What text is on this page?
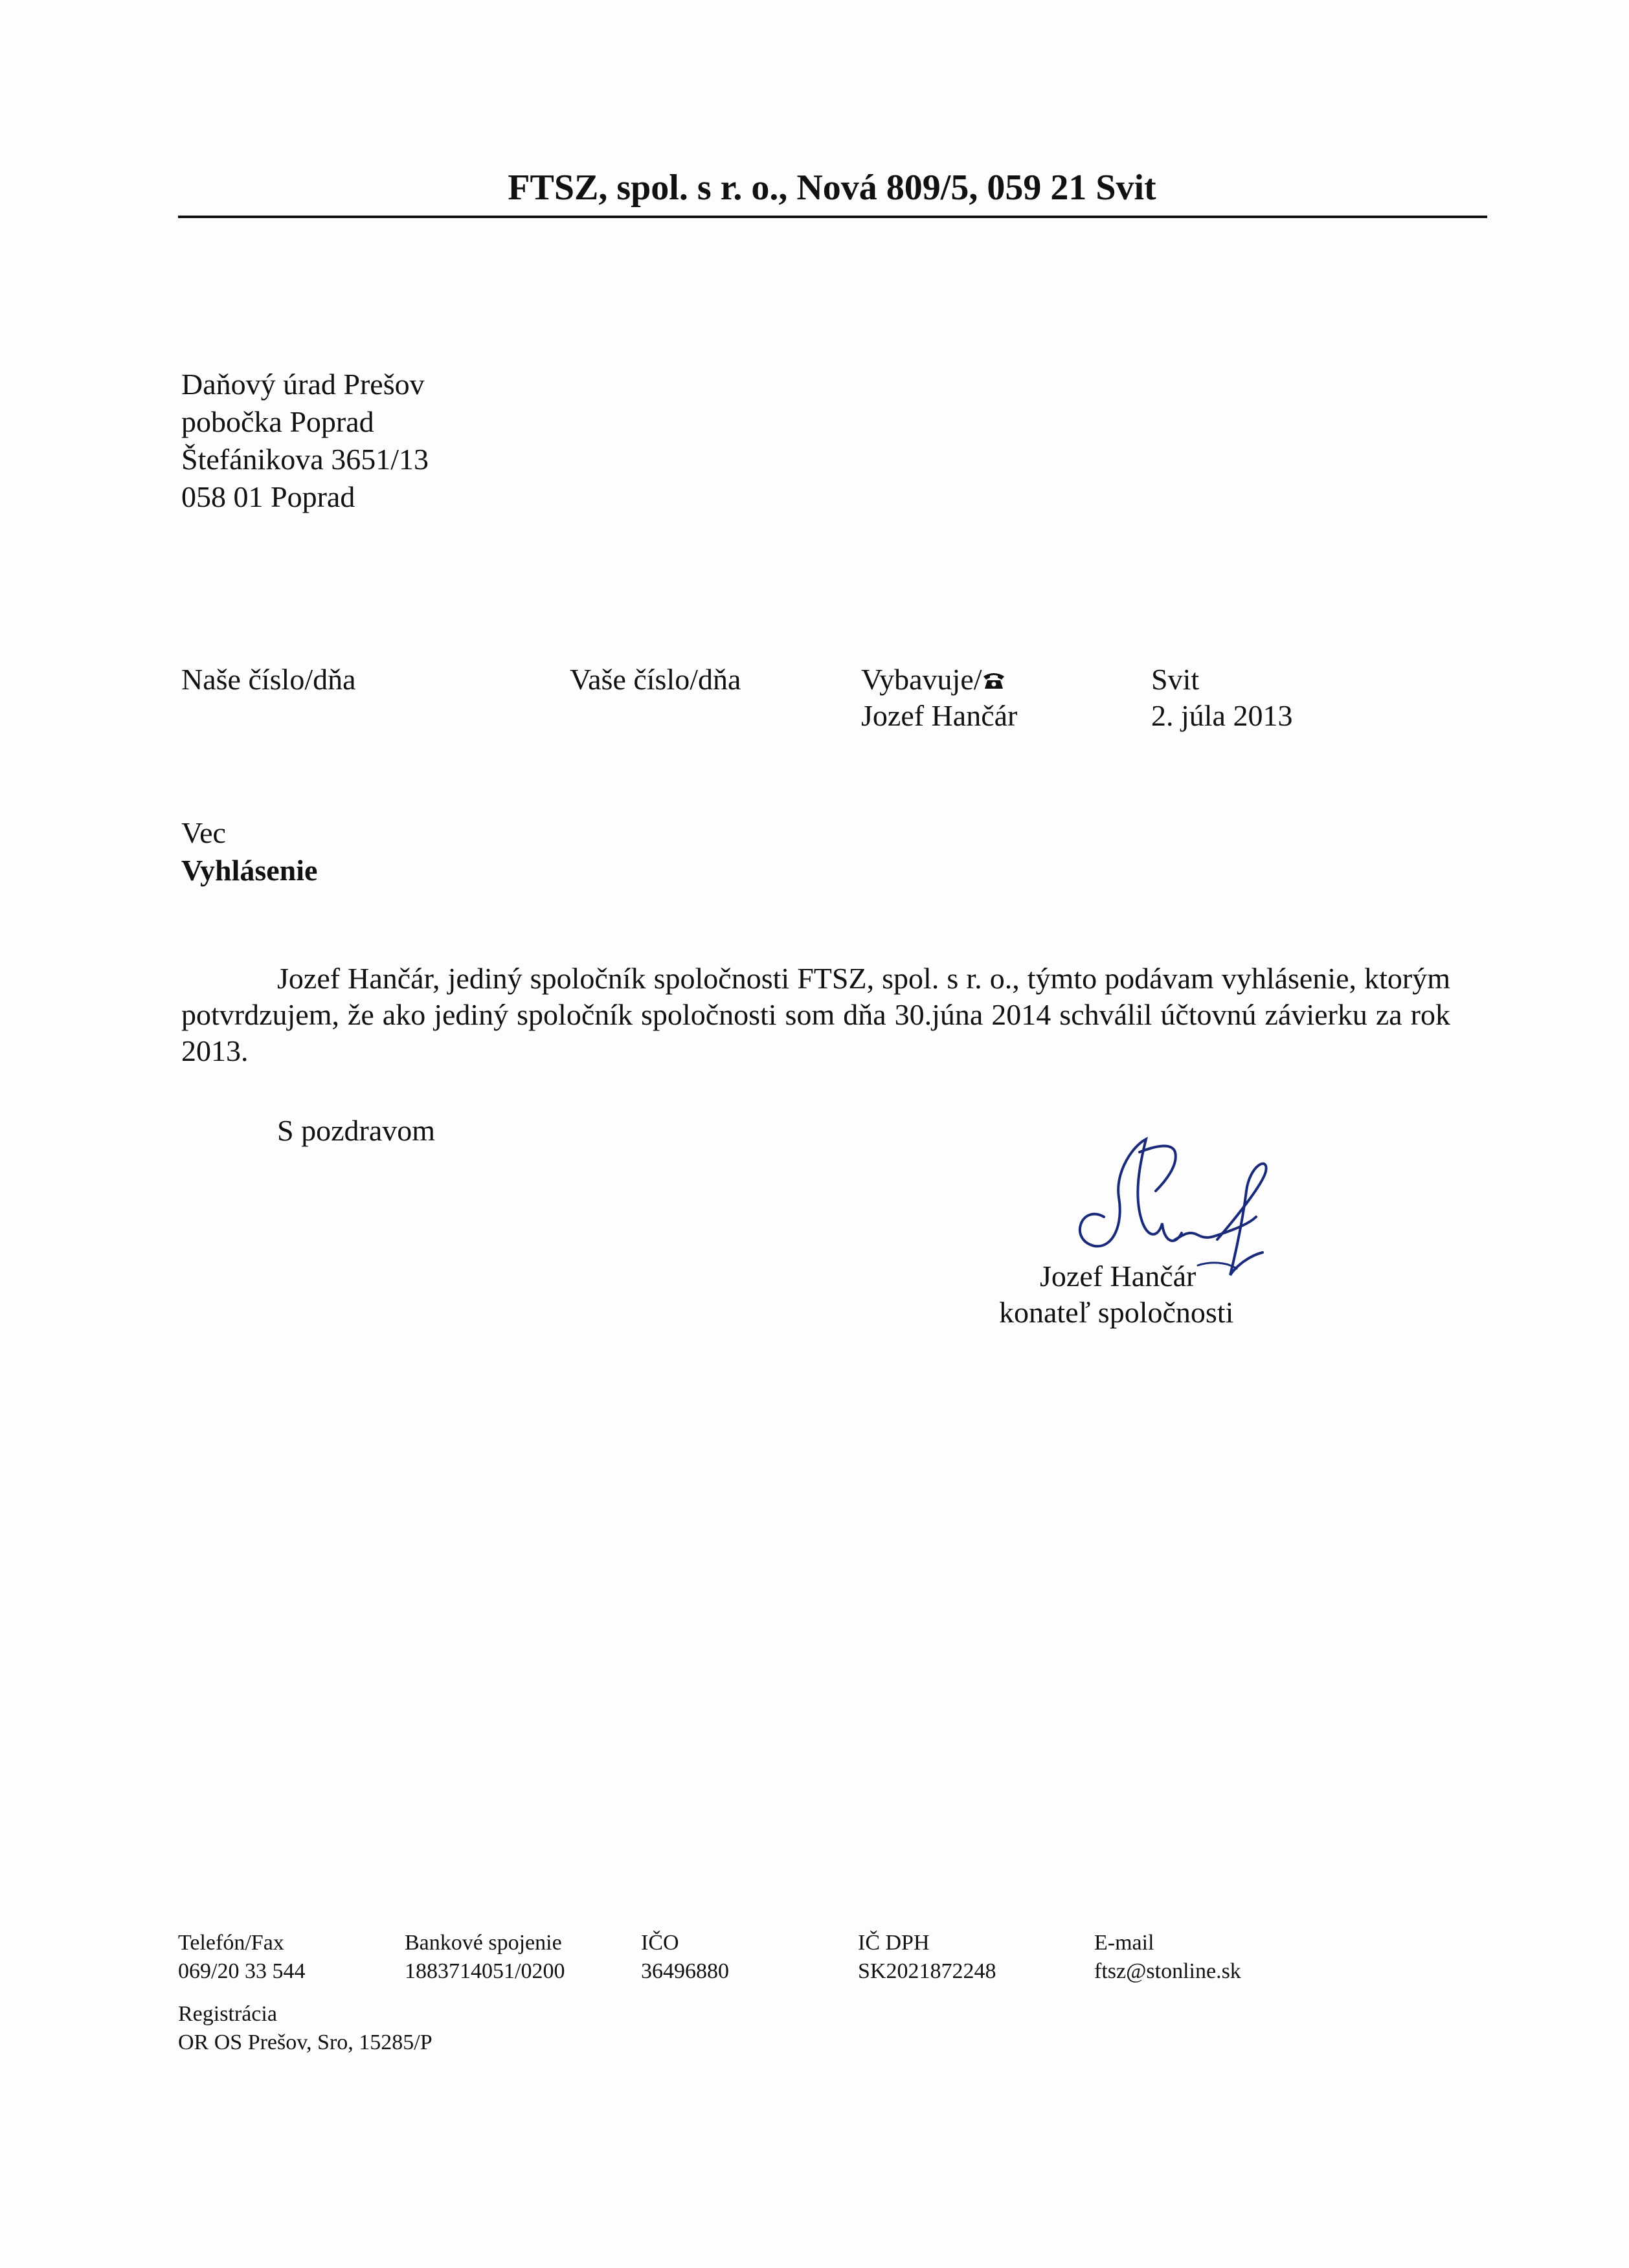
FTSZ, spol. s r. o., Nová 809/5, 059 21 Svit
Daňový úrad Prešov
pobočka Poprad
Štefánikova 3651/13
058 01 Poprad
Naše číslo/dňa	Vaše číslo/dňa	Vybavuje/
Jozef Hančár
Svit
2. júla 2013
Vec
Vyhlásenie

Jozef Hančár, jediný spoločník spoločnosti FTSZ, spol. s r. o., týmto podávam vyhlásenie, ktorým potvrdzujem, že ako jediný spoločník spoločnosti som dňa 30.júna 2014 schválil účtovnú závierku za rok 2013.

S pozdravom
Jozef Hančár
konateľ spoločnosti
Telefón/Fax
069/20 33 544
Bankové spojenie
1883714051/0200
IČO
36496880
IČ DPH
SK2021872248
E-mail
ftsz@stonline.sk
Registrácia
OR OS Prešov, Sro, 15285/P
